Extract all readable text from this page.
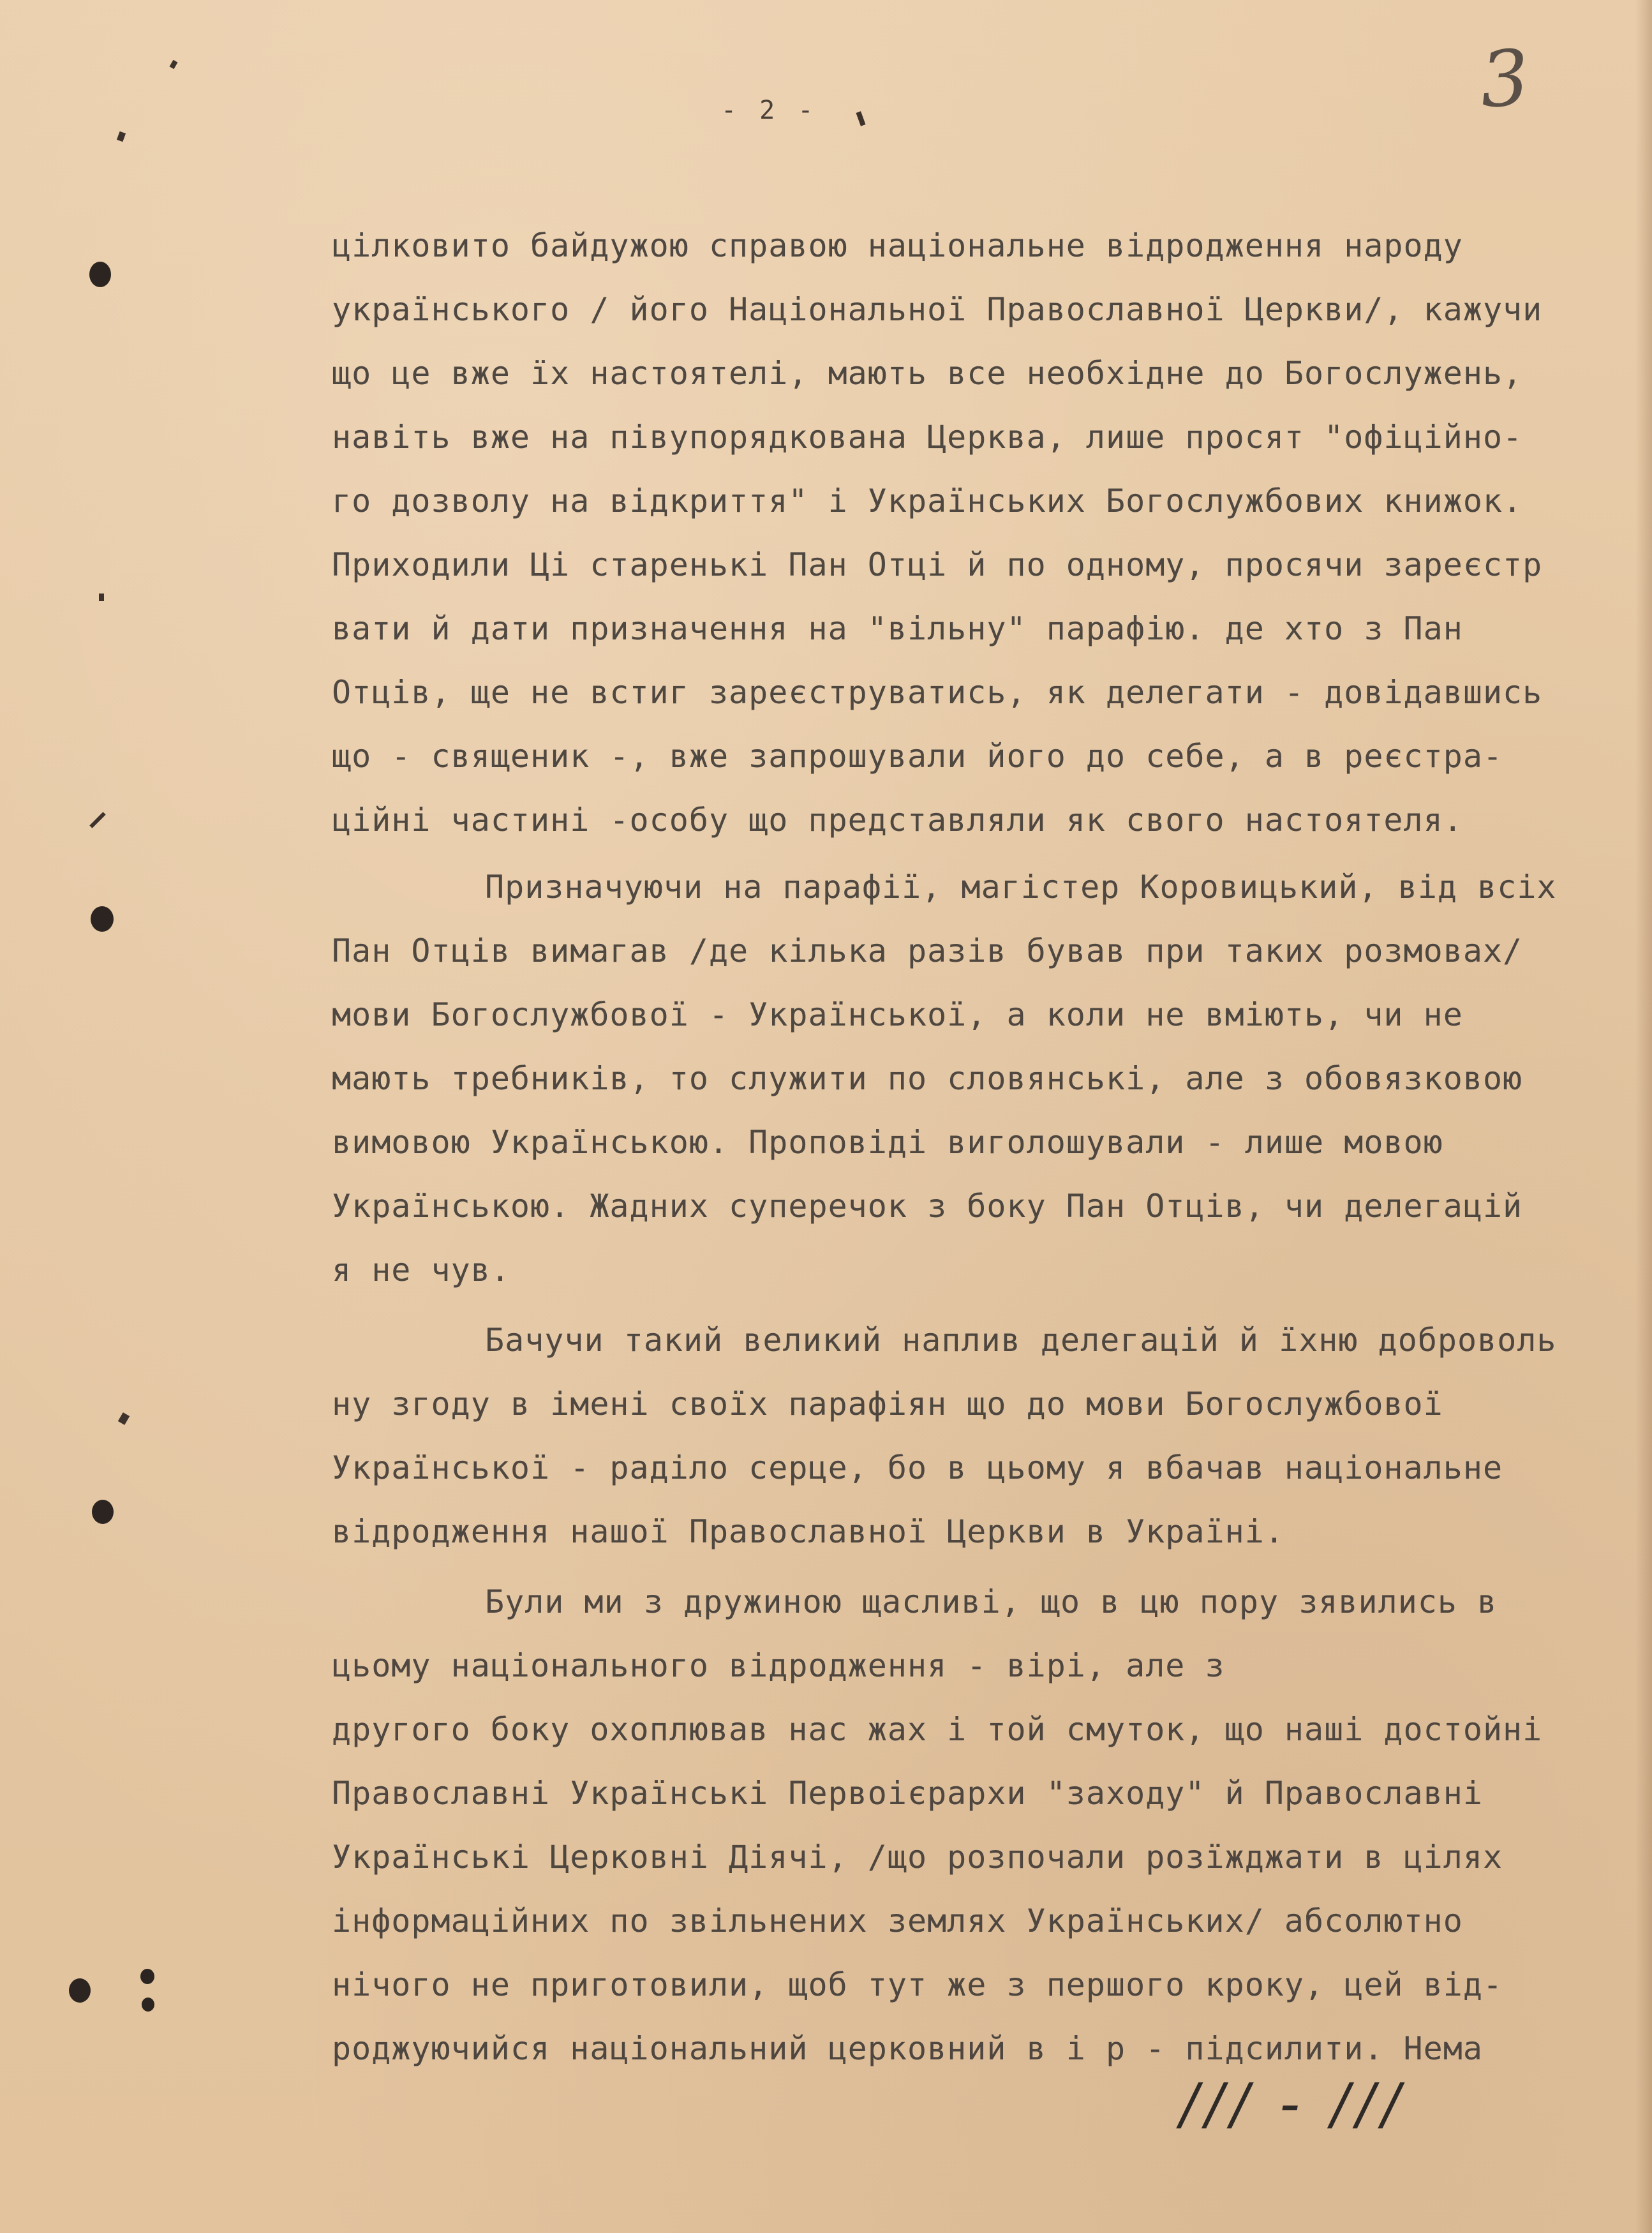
- 2 -	3
цілковито байдужою справою національне відродження народу
українського / його Національної Православної Церкви/, кажучи
що це вже їх настоятелі, мають все необхідне до Богослужень,
навіть вже на півупорядкована Церква, лише просят "офіційно-
го дозволу на відкриття" і Українських Богослужбових книжок.
Приходили Ці старенькі Пан Отці й по одному, просячи зареєстр
вати й дати призначення на "вільну" парафію. де хто з Пан
Отців, ще не встиг зареєструватись, як делегати - довідавшись
що - священик -, вже запрошували його до себе, а в реєстра-
ційні частині -особу що представляли як свого настоятеля.
Призначуючи на парафії, магістер Коровицький, від всіх
Пан Отців вимагав /де кілька разів бував при таких розмовах/
мови Богослужбової - Української, а коли не вміють, чи не
мають требників, то служити по словянські, але з обовязковою
вимовою Українською. Проповіді виголошували - лише мовою
Українською. Жадних суперечок з боку Пан Отців, чи делегацій
я не чув.
Бачучи такий великий наплив делегацій й їхню доброволь
ну згоду в імені своїх парафіян що до мови Богослужбової
Української - раділо серце, бо в цьому я вбачав національне
відродження нашої Православної Церкви в Україні.
Були ми з дружиною щасливі, що в цю пору зявились в
цьому національного відродження - вірі, але з
другого боку охоплював нас жах і той смуток, що наші достойні
Православні Українські Первоієрархи "заходу" й Православні
Українські Церковні Діячі, /що розпочали розїжджати в цілях
інформаційних по звільнених землях Українських/ абсолютно
нічого не приготовили, щоб тут же з першого кроку, цей від-
роджуючийся національний церковний в і р - підсилити. Нема
/// - ///
